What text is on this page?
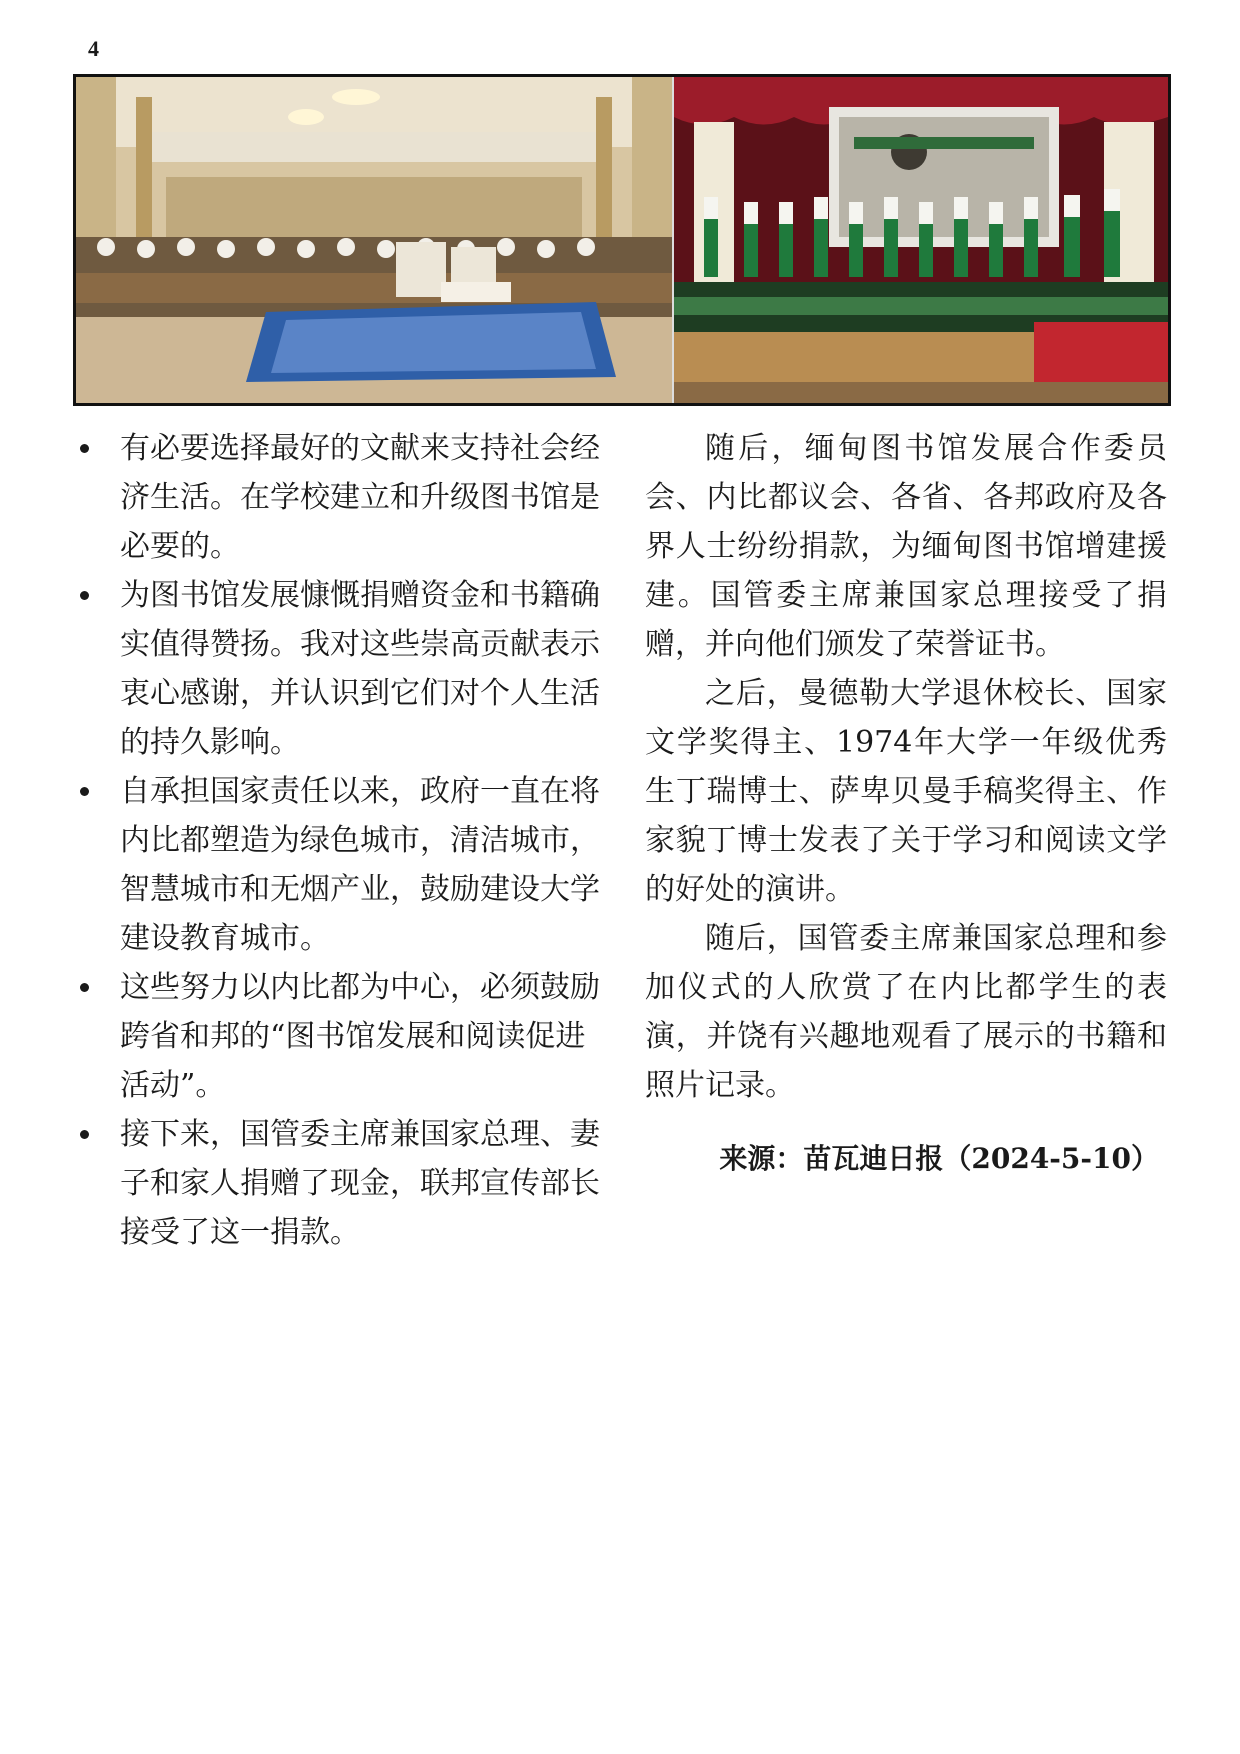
4
有必要选择最好的文献来支持社会经济生活。在学校建立和升级图书馆是必要的。
为图书馆发展慷慨捐赠资金和书籍确实值得赞扬。我对这些崇高贡献表示衷心感谢，并认识到它们对个人生活的持久影响。
自承担国家责任以来，政府一直在将内比都塑造为绿色城市，清洁城市，智慧城市和无烟产业，鼓励建设大学建设教育城市。
这些努力以内比都为中心，必须鼓励跨省和邦的“图书馆发展和阅读促进活动”。
接下来，国管委主席兼国家总理、妻子和家人捐赠了现金，联邦宣传部长接受了这一捐款。

随后，缅甸图书馆发展合作委员会、内比都议会、各省、各邦政府及各界人士纷纷捐款，为缅甸图书馆增建援建。国管委主席兼国家总理接受了捐赠，并向他们颁发了荣誉证书。

之后，曼德勒大学退休校长、国家文学奖得主、1974年大学一年级优秀生丁瑞博士、萨卑贝曼手稿奖得主、作家貌丁博士发表了关于学习和阅读文学的好处的演讲。

随后，国管委主席兼国家总理和参加仪式的人欣赏了在内比都学生的表演，并饶有兴趣地观看了展示的书籍和照片记录。

来源：苗瓦迪日报（2024-5-10）
